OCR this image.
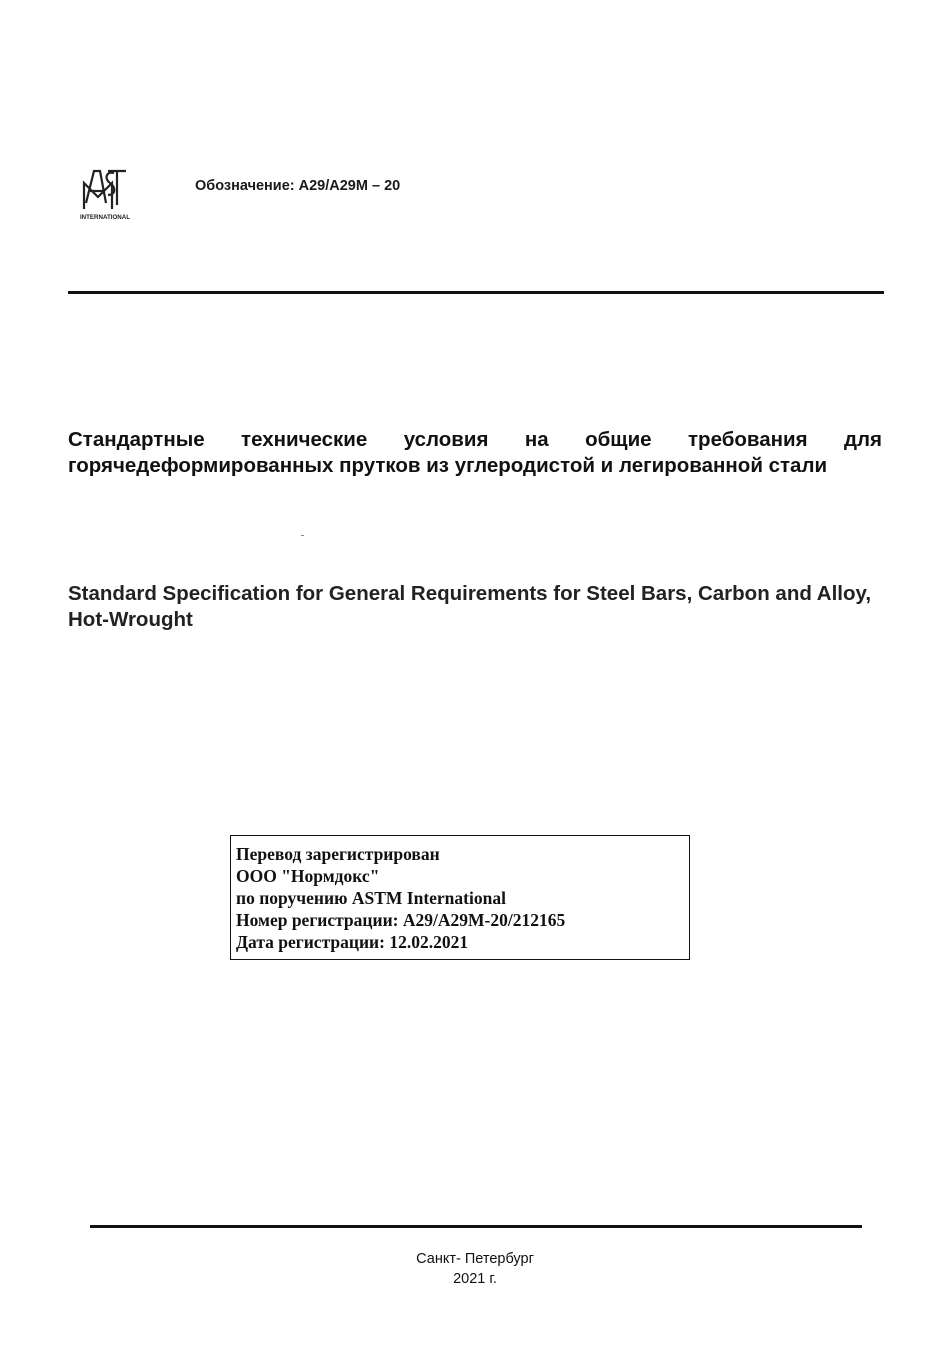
INTERNATIONAL
Обозначение: A29/A29M – 20
Стандартные технические условия на общие требования для горячедеформированных прутков из углеродистой и легированной стали
Standard Specification for General Requirements for Steel Bars, Carbon and Alloy, Hot-Wrought
Перевод зарегистрирован
ООО "Нормдокс"
по поручению ASTM International
Номер регистрации: A29/A29M-20/212165
Дата регистрации: 12.02.2021
Санкт- Петербург
2021 г.
